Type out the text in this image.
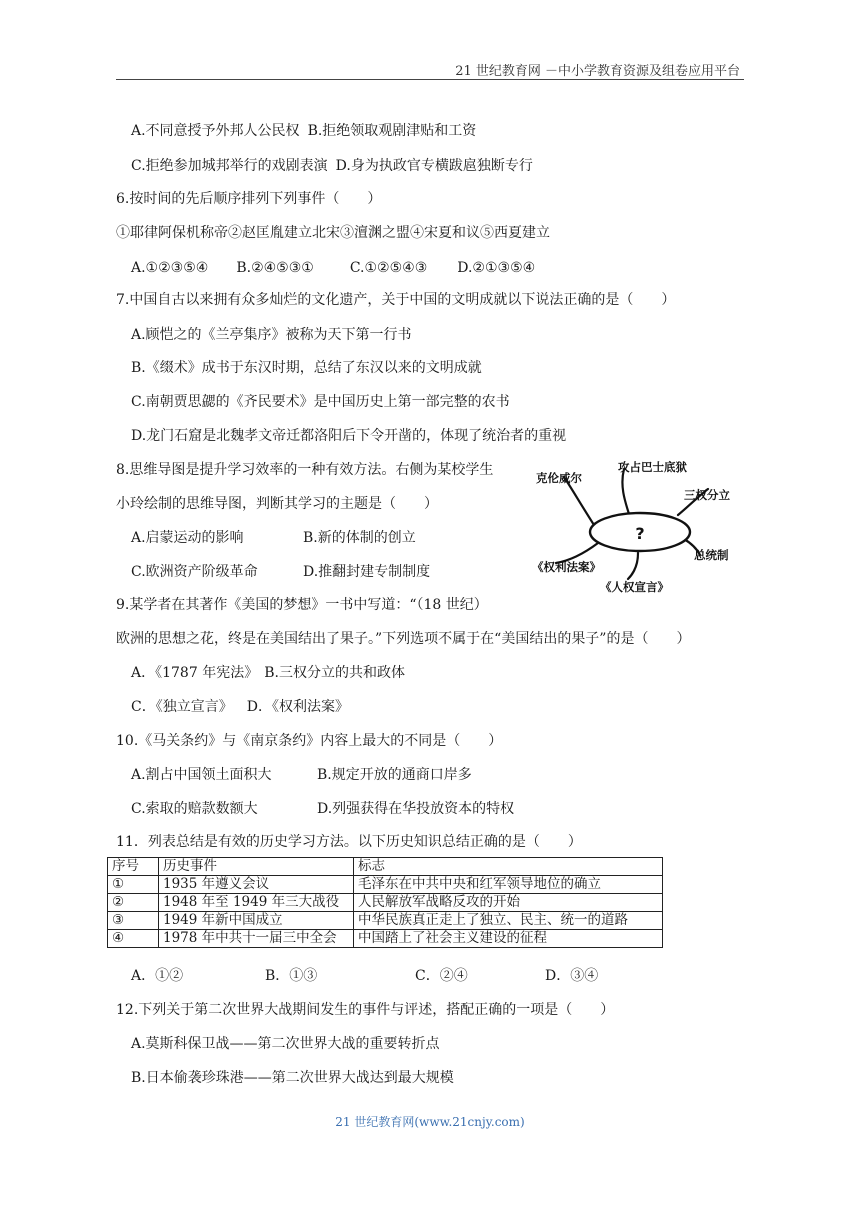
21 世纪教育网 －中小学教育资源及组卷应用平台
A.不同意授予外邦人公民权 B.拒绝领取观剧津贴和工资
C.拒绝参加城邦举行的戏剧表演 D.身为执政官专横跋扈独断专行
6.按时间的先后顺序排列下列事件（　　）
①耶律阿保机称帝②赵匡胤建立北宋③澶渊之盟④宋夏和议⑤西夏建立
A.①②③⑤④ B.②④⑤③①	C.①②⑤④③ D.②①③⑤④
7.中国自古以来拥有众多灿烂的文化遗产，关于中国的文明成就以下说法正确的是（　　）
A.顾恺之的《兰亭集序》被称为天下第一行书
B.《缀术》成书于东汉时期，总结了东汉以来的文明成就
C.南朝贾思勰的《齐民要术》是中国历史上第一部完整的农书
D.龙门石窟是北魏孝文帝迁都洛阳后下令开凿的，体现了统治者的重视
8.思维导图是提升学习效率的一种有效方法。右侧为某校学生
小玲绘制的思维导图，判断其学习的主题是（　　）
A.启蒙运动的影响	B.新的体制的创立
C.欧洲资产阶级革命	D.推翻封建专制制度
?
攻占巴士底狱
克伦威尔
三权分立
总统制
《权利法案》
《人权宣言》
9.某学者在其著作《美国的梦想》一书中写道：“（18 世纪）
欧洲的思想之花，终是在美国结出了果子。”下列选项不属于在“美国结出的果子”的是（　　）
A．《1787 年宪法》 B.三权分立的共和政体
C．《独立宣言》 D．《权利法案》
10.《马关条约》与《南京条约》内容上最大的不同是（　　）
A.割占中国领土面积大	B.规定开放的通商口岸多
C.索取的赔款数额大	D.列强获得在华投放资本的特权
11．列表总结是有效的历史学习方法。以下历史知识总结正确的是（　　）
序号	历史事件	标志
①	1935 年遵义会议	毛泽东在中共中央和红军领导地位的确立
②	1948 年至 1949 年三大战役	人民解放军战略反攻的开始
③	1949 年新中国成立	中华民族真正走上了独立、民主、统一的道路
④	1978 年中共十一届三中全会	中国踏上了社会主义建设的征程
A．①②	B．①③	C．②④	D．③④
12.下列关于第二次世界大战期间发生的事件与评述，搭配正确的一项是（　　）
A.莫斯科保卫战——第二次世界大战的重要转折点
B.日本偷袭珍珠港——第二次世界大战达到最大规模
21 世纪教育网(www.21cnjy.com)
